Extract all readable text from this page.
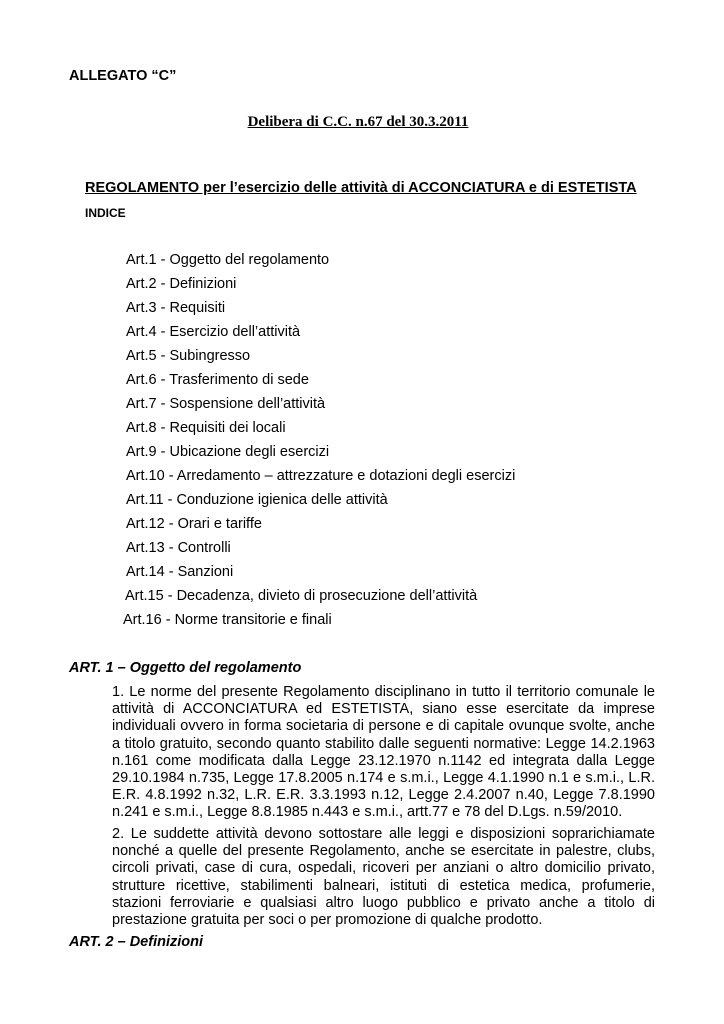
ALLEGATO “C”
Delibera di C.C. n.67 del 30.3.2011
REGOLAMENTO per l’esercizio delle attività di ACCONCIATURA e di ESTETISTA
INDICE
Art.1 - Oggetto del regolamento
Art.2 - Definizioni
Art.3 - Requisiti
Art.4 - Esercizio dell’attività
Art.5 - Subingresso
Art.6 - Trasferimento di sede
Art.7 - Sospensione dell’attività
Art.8 - Requisiti dei locali
Art.9 - Ubicazione degli esercizi
Art.10 - Arredamento – attrezzature e dotazioni degli esercizi
Art.11 - Conduzione igienica delle attività
Art.12 - Orari e tariffe
Art.13 - Controlli
Art.14 - Sanzioni
Art.15 - Decadenza, divieto di prosecuzione dell’attività
Art.16 - Norme transitorie e finali
ART. 1 – Oggetto del regolamento
1. Le norme del presente Regolamento disciplinano in tutto il territorio comunale le
attività di ACCONCIATURA ed ESTETISTA, siano esse esercitate da imprese
individuali ovvero in forma societaria di persone e di capitale ovunque svolte, anche
a titolo gratuito, secondo quanto stabilito dalle seguenti normative: Legge 14.2.1963
n.161 come modificata dalla Legge 23.12.1970 n.1142 ed integrata dalla Legge
29.10.1984 n.735, Legge 17.8.2005 n.174 e s.m.i., Legge 4.1.1990 n.1 e s.m.i., L.R.
E.R. 4.8.1992 n.32, L.R. E.R. 3.3.1993 n.12, Legge 2.4.2007 n.40, Legge 7.8.1990
n.241 e s.m.i., Legge 8.8.1985 n.443 e s.m.i., artt.77 e 78 del D.Lgs. n.59/2010.
2. Le suddette attività devono sottostare alle leggi e disposizioni soprarichiamate
nonché a quelle del presente Regolamento, anche se esercitate in palestre, clubs,
circoli privati, case di cura, ospedali, ricoveri per anziani o altro domicilio privato,
strutture ricettive, stabilimenti balneari, istituti di estetica medica, profumerie,
stazioni ferroviarie e qualsiasi altro luogo pubblico e privato anche a titolo di
prestazione gratuita per soci o per promozione di qualche prodotto.
ART. 2 – Definizioni
